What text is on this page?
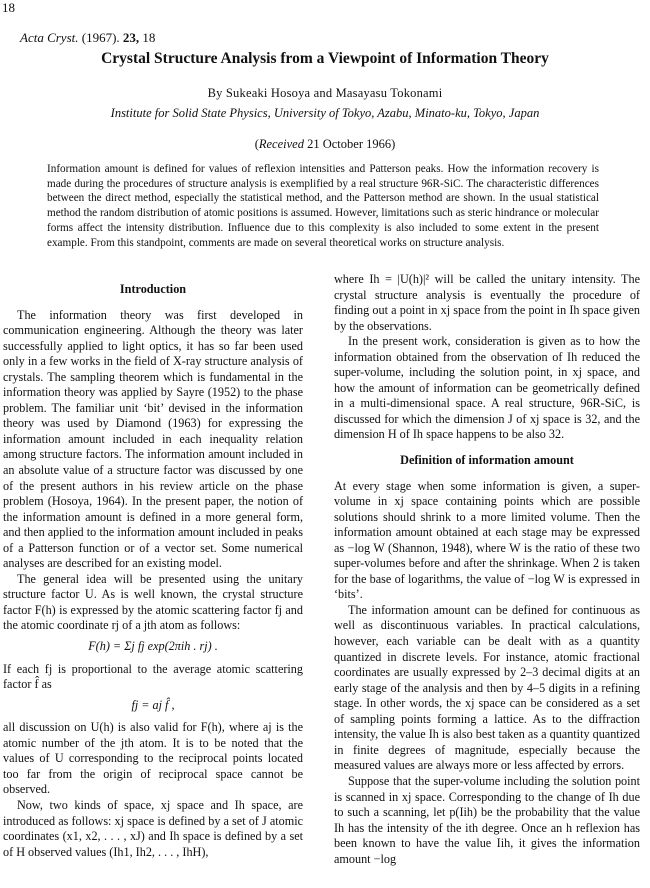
18
Acta Cryst. (1967). 23, 18
Crystal Structure Analysis from a Viewpoint of Information Theory
By Sukeaki Hosoya and Masayasu Tokonami
Institute for Solid State Physics, University of Tokyo, Azabu, Minato-ku, Tokyo, Japan
(Received 21 October 1966)
Information amount is defined for values of reflexion intensities and Patterson peaks. How the information recovery is made during the procedures of structure analysis is exemplified by a real structure 96R-SiC. The characteristic differences between the direct method, especially the statistical method, and the Patterson method are shown. In the usual statistical method the random distribution of atomic positions is assumed. However, limitations such as steric hindrance or molecular forms affect the intensity distribution. Influence due to this complexity is also included to some extent in the present example. From this standpoint, comments are made on several theoretical works on structure analysis.
Introduction

The information theory was first developed in communication engineering. Although the theory was later successfully applied to light optics, it has so far been used only in a few works in the field of X-ray structure analysis of crystals. The sampling theorem which is fundamental in the information theory was applied by Sayre (1952) to the phase problem. The familiar unit ‘bit’ devised in the information theory was used by Diamond (1963) for expressing the information amount included in each inequality relation among structure factors. The information amount included in an absolute value of a structure factor was discussed by one of the present authors in his review article on the phase problem (Hosoya, 1964). In the present paper, the notion of the information amount is defined in a more general form, and then applied to the information amount included in peaks of a Patterson function or of a vector set. Some numerical analyses are described for an existing model.

The general idea will be presented using the unitary structure factor U. As is well known, the crystal structure factor F(h) is expressed by the atomic scattering factor fj and the atomic coordinate rj of a jth atom as follows:

F(h) = Σj fj exp(2πih . rj) .

If each fj is proportional to the average atomic scattering factor f̂ as

fj = aj f̂ ,

all discussion on U(h) is also valid for F(h), where aj is the atomic number of the jth atom. It is to be noted that the values of U corresponding to the reciprocal points located too far from the origin of reciprocal space cannot be observed.

Now, two kinds of space, xj space and Ih space, are introduced as follows: xj space is defined by a set of J atomic coordinates (x1, x2, . . . , xJ) and Ih space is defined by a set of H observed values (Ih1, Ih2, . . . , IhH),

where Ih = |U(h)|² will be called the unitary intensity. The crystal structure analysis is eventually the procedure of finding out a point in xj space from the point in Ih space given by the observations.

In the present work, consideration is given as to how the information obtained from the observation of Ih reduced the super-volume, including the solution point, in xj space, and how the amount of information can be geometrically defined in a multi-dimensional space. A real structure, 96R-SiC, is discussed for which the dimension J of xj space is 32, and the dimension H of Ih space happens to be also 32.

Definition of information amount

At every stage when some information is given, a super-volume in xj space containing points which are possible solutions should shrink to a more limited volume. Then the information amount obtained at each stage may be expressed as −log W (Shannon, 1948), where W is the ratio of these two super-volumes before and after the shrinkage. When 2 is taken for the base of logarithms, the value of −log W is expressed in ‘bits’.

The information amount can be defined for continuous as well as discontinuous variables. In practical calculations, however, each variable can be dealt with as a quantity quantized in discrete levels. For instance, atomic fractional coordinates are usually expressed by 2–3 decimal digits at an early stage of the analysis and then by 4–5 digits in a refining stage. In other words, the xj space can be considered as a set of sampling points forming a lattice. As to the diffraction intensity, the value Ih is also best taken as a quantity quantized in finite degrees of magnitude, especially because the measured values are always more or less affected by errors.

Suppose that the super-volume including the solution point is scanned in xj space. Corresponding to the change of Ih due to such a scanning, let p(Iih) be the probability that the value Ih has the intensity of the ith degree. Once an h reflexion has been known to have the value Iih, it gives the information amount −log
